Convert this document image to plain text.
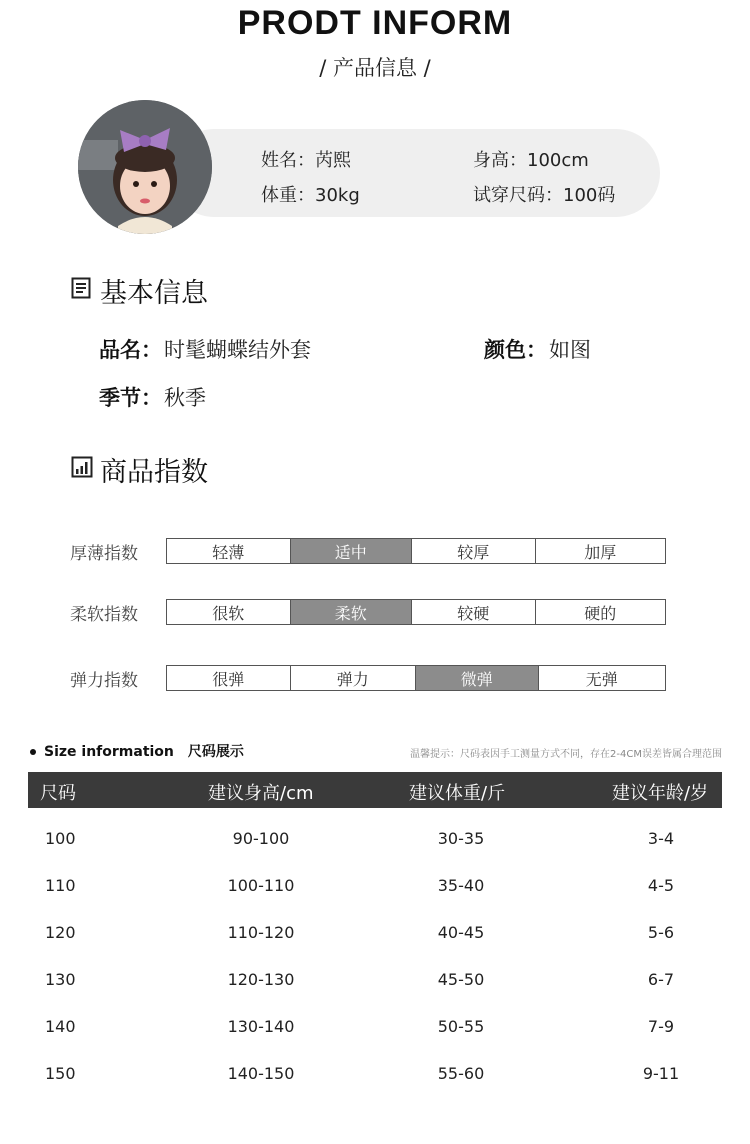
PRODT INFORM
/ 产品信息 /
姓名：芮熙	身高：100cm
体重：30kg	试穿尺码：100码
基本信息
品名： 时髦蝴蝶结外套	颜色： 如图
季节： 秋季
商品指数
厚薄指数	轻薄	适中	较厚	加厚
柔软指数	很软	柔软	较硬	硬的
弹力指数	很弹	弹力	微弹	无弹
Size information 尺码展示	温馨提示：尺码表因手工测量方式不同，存在2-4CM误差皆属合理范围
尺码	建议身高/cm	建议体重/斤	建议年龄/岁
100	90-100	30-35	3-4
110	100-110	35-40	4-5
120	110-120	40-45	5-6
130	120-130	45-50	6-7
140	130-140	50-55	7-9
150	140-150	55-60	9-11
